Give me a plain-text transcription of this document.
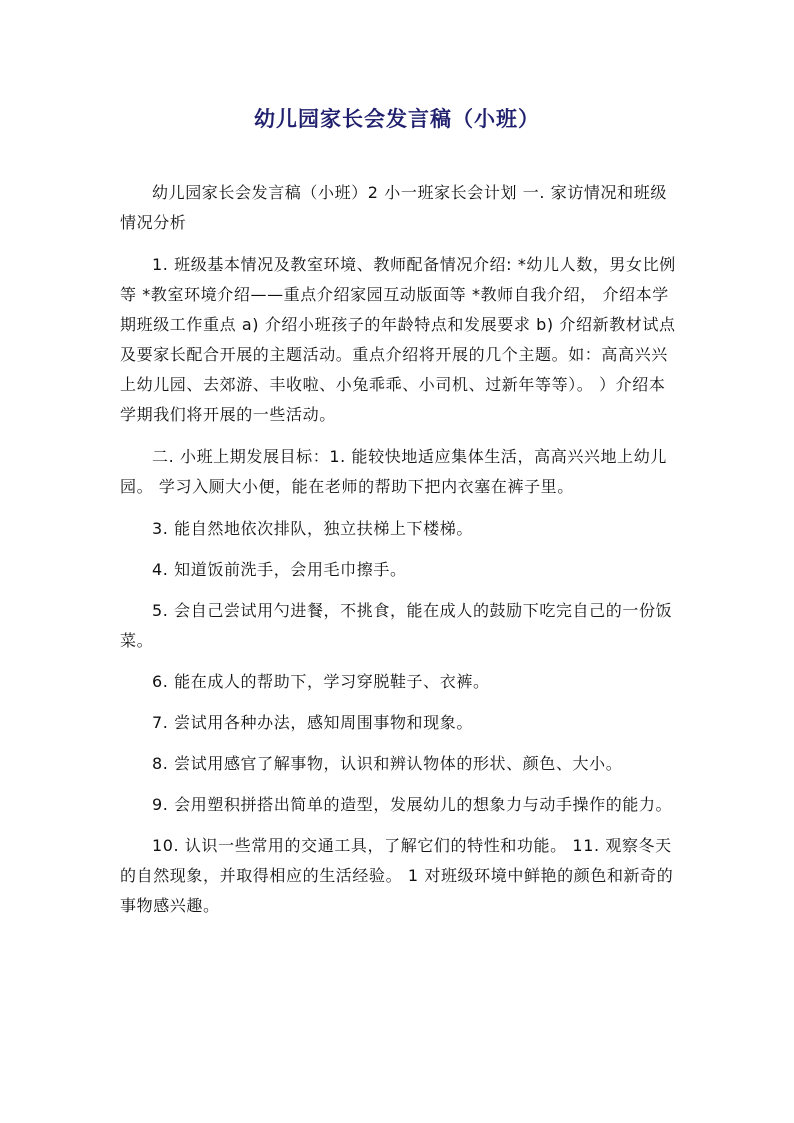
幼儿园家长会发言稿（小班）

幼儿园家长会发言稿（小班）2 小一班家长会计划 一. 家访情况和班级情况分析

1. 班级基本情况及教室环境、教师配备情况介绍: *幼儿人数，男女比例等 *教室环境介绍——重点介绍家园互动版面等 *教师自我介绍， 介绍本学期班级工作重点 a) 介绍小班孩子的年龄特点和发展要求 b) 介绍新教材试点及要家长配合开展的主题活动。重点介绍将开展的几个主题。如：高高兴兴上幼儿园、去郊游、丰收啦、小兔乖乖、小司机、过新年等等）。 ）介绍本学期我们将开展的一些活动。

二. 小班上期发展目标：1. 能较快地适应集体生活，高高兴兴地上幼儿园。 学习入厕大小便，能在老师的帮助下把内衣塞在裤子里。

3. 能自然地依次排队，独立扶梯上下楼梯。

4. 知道饭前洗手，会用毛巾擦手。

5. 会自己尝试用勺进餐，不挑食，能在成人的鼓励下吃完自己的一份饭菜。

6. 能在成人的帮助下，学习穿脱鞋子、衣裤。

7. 尝试用各种办法，感知周围事物和现象。

8. 尝试用感官了解事物，认识和辨认物体的形状、颜色、大小。

9. 会用塑积拼搭出简单的造型，发展幼儿的想象力与动手操作的能力。

10. 认识一些常用的交通工具，了解它们的特性和功能。 11. 观察冬天的自然现象，并取得相应的生活经验。 1 对班级环境中鲜艳的颜色和新奇的事物感兴趣。
